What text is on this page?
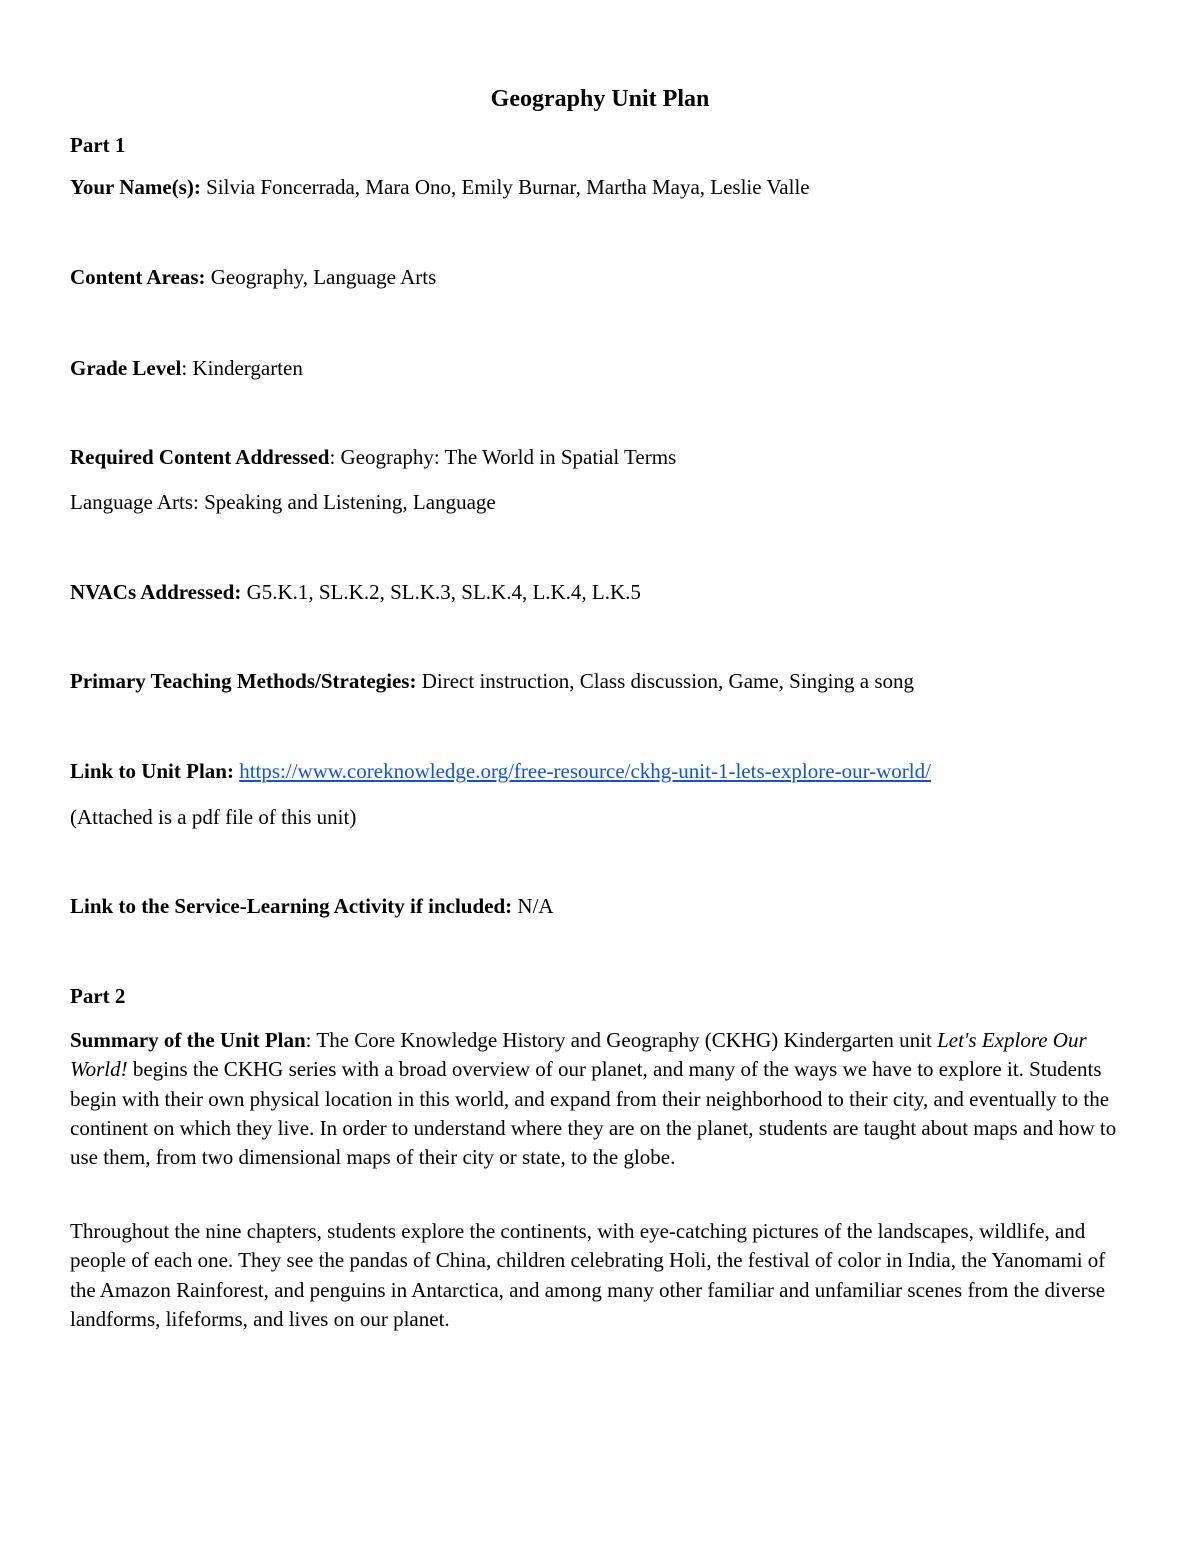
Geography Unit Plan

Part 1

Your Name(s): Silvia Foncerrada, Mara Ono, Emily Burnar, Martha Maya, Leslie Valle

Content Areas: Geography, Language Arts

Grade Level: Kindergarten

Required Content Addressed: Geography: The World in Spatial Terms

Language Arts: Speaking and Listening, Language

NVACs Addressed: G5.K.1, SL.K.2, SL.K.3, SL.K.4, L.K.4, L.K.5

Primary Teaching Methods/Strategies: Direct instruction, Class discussion, Game, Singing a song

Link to Unit Plan: https://www.coreknowledge.org/free-resource/ckhg-unit-1-lets-explore-our-world/

(Attached is a pdf file of this unit)

Link to the Service-Learning Activity if included: N/A

Part 2

Summary of the Unit Plan: The Core Knowledge History and Geography (CKHG) Kindergarten unit Let's Explore Our World! begins the CKHG series with a broad overview of our planet, and many of the ways we have to explore it. Students begin with their own physical location in this world, and expand from their neighborhood to their city, and eventually to the continent on which they live. In order to understand where they are on the planet, students are taught about maps and how to use them, from two dimensional maps of their city or state, to the globe.

Throughout the nine chapters, students explore the continents, with eye-catching pictures of the landscapes, wildlife, and people of each one. They see the pandas of China, children celebrating Holi, the festival of color in India, the Yanomami of the Amazon Rainforest, and penguins in Antarctica, and among many other familiar and unfamiliar scenes from the diverse landforms, lifeforms, and lives on our planet.
